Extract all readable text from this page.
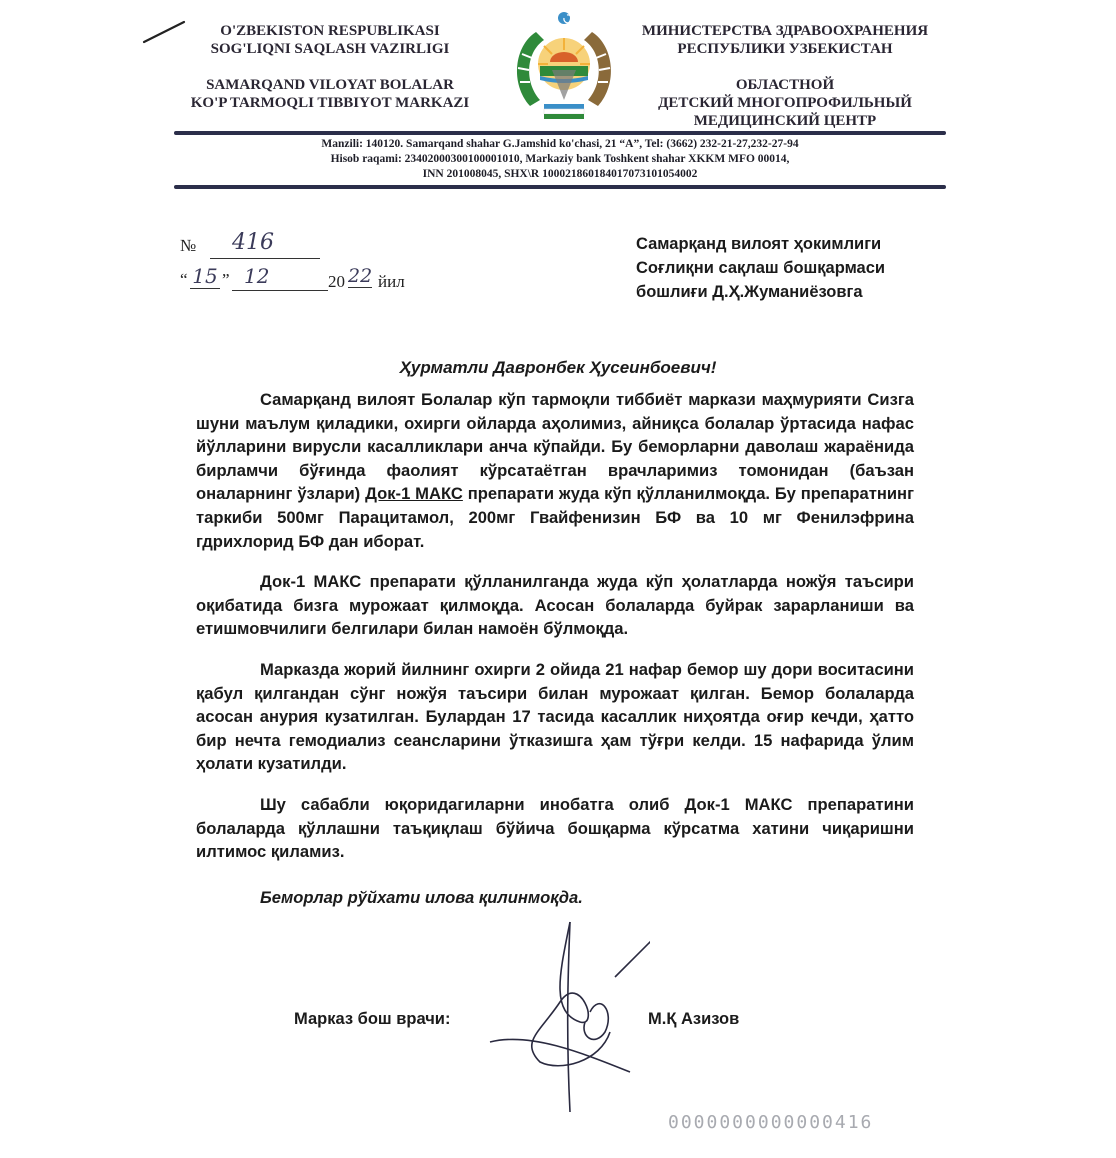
O'ZBEKISTON RESPUBLIKASI
SOG'LIQNI SAQLASH VAZIRLIGI
SAMARQAND VILOYAT BOLALAR
KO'P TARMOQLI TIBBIYOT MARKAZI
МИНИСТЕРСТВА ЗДРАВООХРАНЕНИЯ
РЕСПУБЛИКИ УЗБЕКИСТАН
ОБЛАСТНОЙ
ДЕТСКИЙ МНОГОПРОФИЛЬНЫЙ
МЕДИЦИНСКИЙ ЦЕНТР
Manzili: 140120. Samarqand shahar G.Jamshid ko'chasi, 21 “A”, Tel: (3662) 232-21-27,232-27-94
Hisob raqami: 23402000300100001010, Markaziy bank Toshkent shahar XKKM MFO 00014,
INN 201008045, SHX\R 100021860184017073101054002
№ 416
“ 15 ” 12	20 22 йил
Самарқанд вилоят ҳокимлиги
Соғлиқни сақлаш бошқармаси
бошлиғи Д.Ҳ.Жуманиёзовга
Ҳурматли Давронбек Ҳусеинбоевич!

Самарқанд вилоят Болалар кўп тармоқли тиббиёт маркази маҳмурияти Сизга шуни маълум қиладики, охирги ойларда аҳолимиз, айниқса болалар ўртасида нафас йўлларини вирусли касалликлари анча кўпайди. Бу беморларни даволаш жараёнида бирламчи бўғинда фаолият кўрсатаётган врачларимиз томонидан (баъзан оналарнинг ўзлари) Док-1 МАКС препарати жуда кўп қўлланилмоқда. Бу препаратнинг таркиби 500мг Парацитамол, 200мг Гвайфенизин БФ ва 10 мг Фенилэфрина гдрихлорид БФ дан иборат.

Док-1 МАКС препарати қўлланилганда жуда кўп ҳолатларда ножўя таъсири оқибатида бизга мурожаат қилмоқда. Асосан болаларда буйрак зарарланиши ва етишмовчилиги белгилари билан намоён бўлмоқда.

Марказда жорий йилнинг охирги 2 ойида 21 нафар бемор шу дори воситасини қабул қилгандан сўнг ножўя таъсири билан мурожаат қилган. Бемор болаларда асосан анурия кузатилган. Булардан 17 тасида касаллик ниҳоятда оғир кечди, ҳатто бир нечта гемодиализ сеансларини ўтказишга ҳам тўғри келди. 15 нафарида ўлим ҳолати кузатилди.

Шу сабабли юқоридагиларни инобатга олиб Док-1 МАКС препаратини болаларда қўллашни таъқиқлаш бўйича бошқарма кўрсатма хатини чиқаришни илтимос қиламиз.

Беморлар рўйхати илова қилинмоқда.

Марказ бош врачи:	М.Қ Азизов
0000000000000416
